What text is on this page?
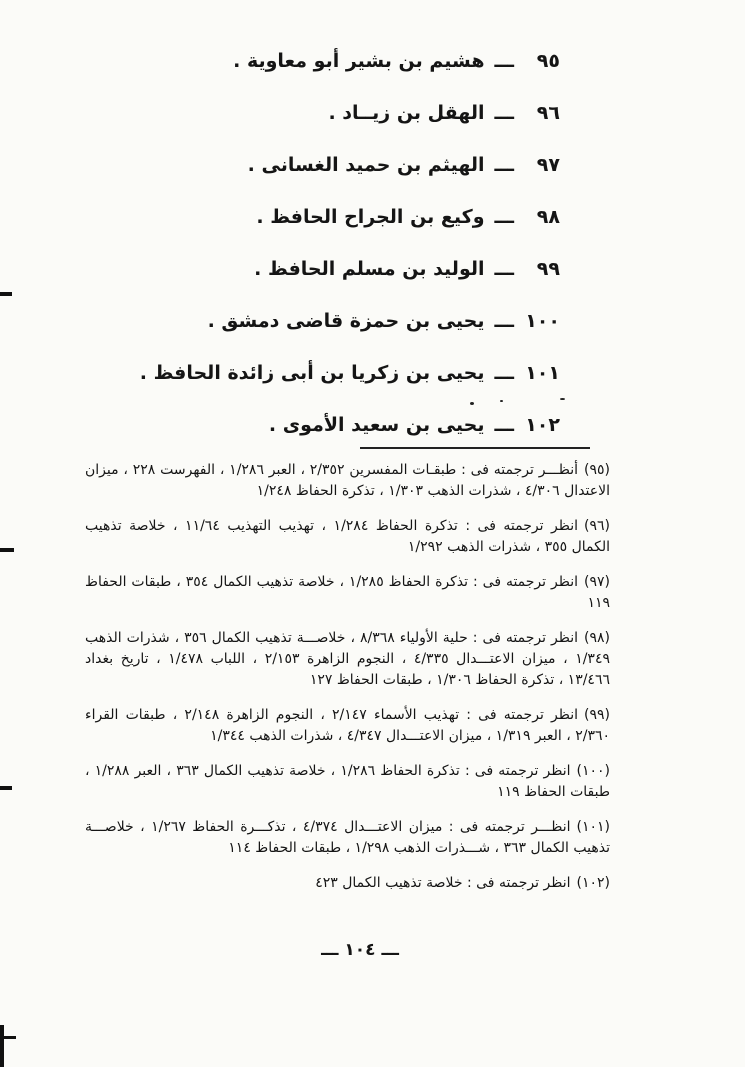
٩٥ـــهشيم بن بشير أبو معاوية .
٩٦ـــالهقل بن زيــاد .
٩٧ـــالهيثم بن حميد الغسانى .
٩٨ـــوكيع بن الجراح الحافظ .
٩٩ـــالوليد بن مسلم الحافظ .
١٠٠ـــيحيى بن حمزة قاضى دمشق .
١٠١ـــيحيى بن زكريا بن أبى زائدة الحافظ .
١٠٢ـــيحيى بن سعيد الأموى .

(٩٥)أنظـــر ترجمته فى : طبقـات المفسرين ٢/٣٥٢ ، العبر ١/٢٨٦ ، الفهرست ٢٢٨ ، ميزان الاعتدال ٤/٣٠٦ ، شذرات الذهب ١/٣٠٣ ، تذكرة الحفاظ ١/٢٤٨

(٩٦)انظر ترجمته فى : تذكرة الحفاظ ١/٢٨٤ ، تهذيب التهذيب ١١/٦٤ ، خلاصة تذهيب الكمال ٣٥٥ ، شذرات الذهب ١/٢٩٢

(٩٧)انظر ترجمته فى : تذكرة الحفاظ ١/٢٨٥ ، خلاصة تذهيب الكمال ٣٥٤ ، طبقات الحفاظ ١١٩

(٩٨)انظر ترجمته فى : حلية الأولياء ٨/٣٦٨ ، خلاصـــة تذهيب الكمال ٣٥٦ ، شذرات الذهب ١/٣٤٩ ، ميزان الاعتـــدال ٤/٣٣٥ ، النجوم الزاهرة ٢/١٥٣ ، اللباب ١/٤٧٨ ، تاريخ بغداد ١٣/٤٦٦ ، تذكرة الحفاظ ١/٣٠٦ ، طبقات الحفاظ ١٢٧

(٩٩)انظر ترجمته فى : تهذيب الأسماء ٢/١٤٧ ، النجوم الزاهرة ٢/١٤٨ ، طبقات القراء ٢/٣٦٠ ، العبر ١/٣١٩ ، ميزان الاعتـــدال ٤/٣٤٧ ، شذرات الذهب ١/٣٤٤

(١٠٠)انظر ترجمته فى : تذكرة الحفاظ ١/٢٨٦ ، خلاصة تذهيب الكمال ٣٦٣ ، العبر ١/٢٨٨ ، طبقات الحفاظ ١١٩

(١٠١)انظـــر ترجمته فى : ميزان الاعتـــدال ٤/٣٧٤ ، تذكـــرة الحفاظ ١/٢٦٧ ، خلاصـــة تذهيب الكمال ٣٦٣ ، شـــذرات الذهب ١/٢٩٨ ، طبقات الحفاظ ١١٤

(١٠٢)انظر ترجمته فى : خلاصة تذهيب الكمال ٤٢٣

ـــ ١٠٤ ـــ
